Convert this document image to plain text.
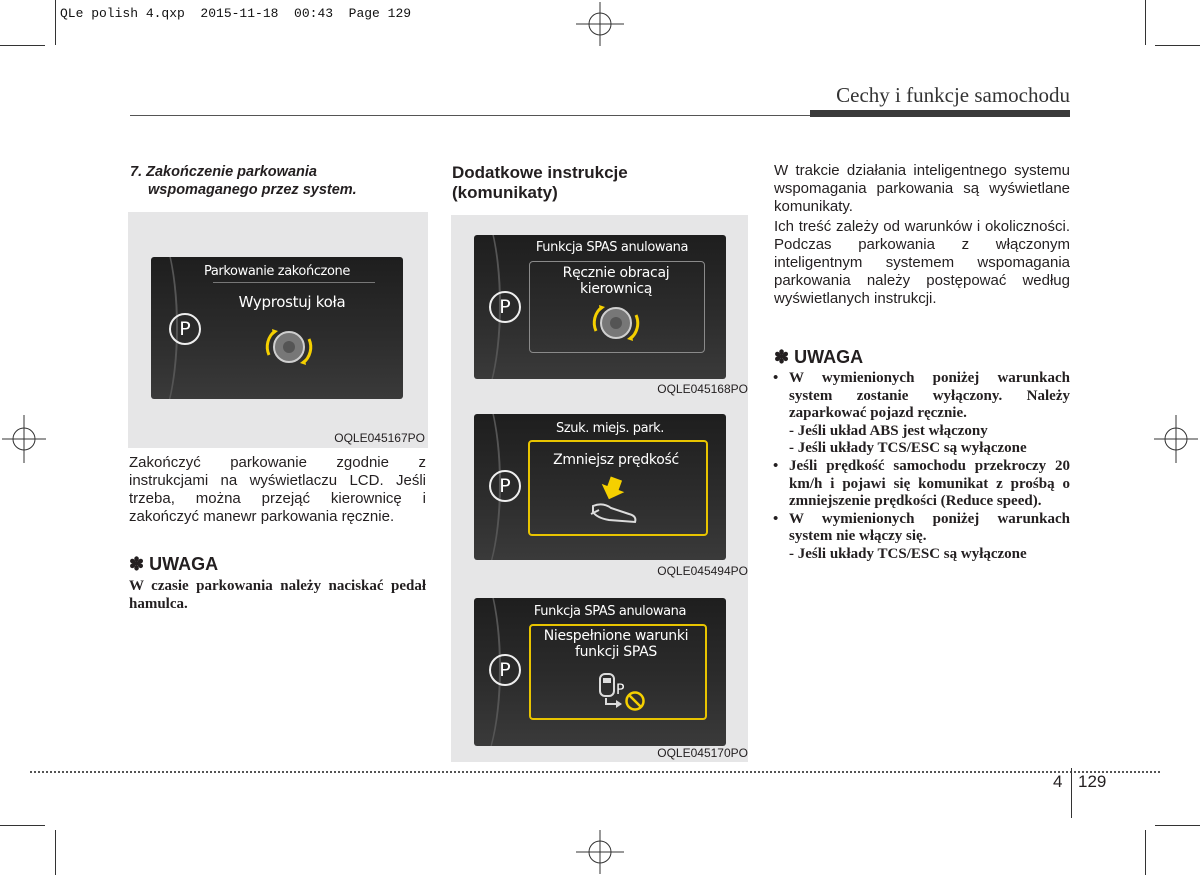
QLe polish 4.qxp  2015-11-18  00:43  Page 129
Cechy i funkcje samochodu
7. Zakończenie parkowania
wspomaganego przez system.
Parkowanie zakończone
Wyprostuj koła
P
OQLE045167PO
Zakończyć parkowanie zgodnie z instrukcjami na wyświetlaczu LCD. Jeśli trzeba, można przejąć kierownicę i zakończyć manewr parkowania ręcznie.
✽ UWAGA
W czasie parkowania należy naciskać pedał hamulca.
Dodatkowe instrukcje
(komunikaty)
Funkcja SPAS anulowana
Ręcznie obracaj
kierownicą
P
OQLE045168PO
Szuk. miejs. park.
Zmniejsz prędkość
P
OQLE045494PO
Funkcja SPAS anulowana
Niespełnione warunki
funkcji SPAS
P
P
OQLE045170PO
W trakcie działania inteligentnego systemu wspomagania parkowania są wyświetlane komunikaty.
Ich treść zależy od warunków i okoliczności. Podczas parkowania z włączonym inteligentnym systemem wspomagania parkowania należy postępować według wyświetlanych instrukcji.
✽ UWAGA
• W wymienionych poniżej warunkach system zostanie wyłączony. Należy zaparkować pojazd ręcznie.
- Jeśli układ ABS jest włączony
- Jeśli układy TCS/ESC są wyłączone
• Jeśli prędkość samochodu przekroczy 20 km/h i pojawi się komunikat z prośbą o zmniejszenie prędkości (Reduce speed).
• W wymienionych poniżej warunkach system nie włączy się.
- Jeśli układy TCS/ESC są wyłączone
4 129
